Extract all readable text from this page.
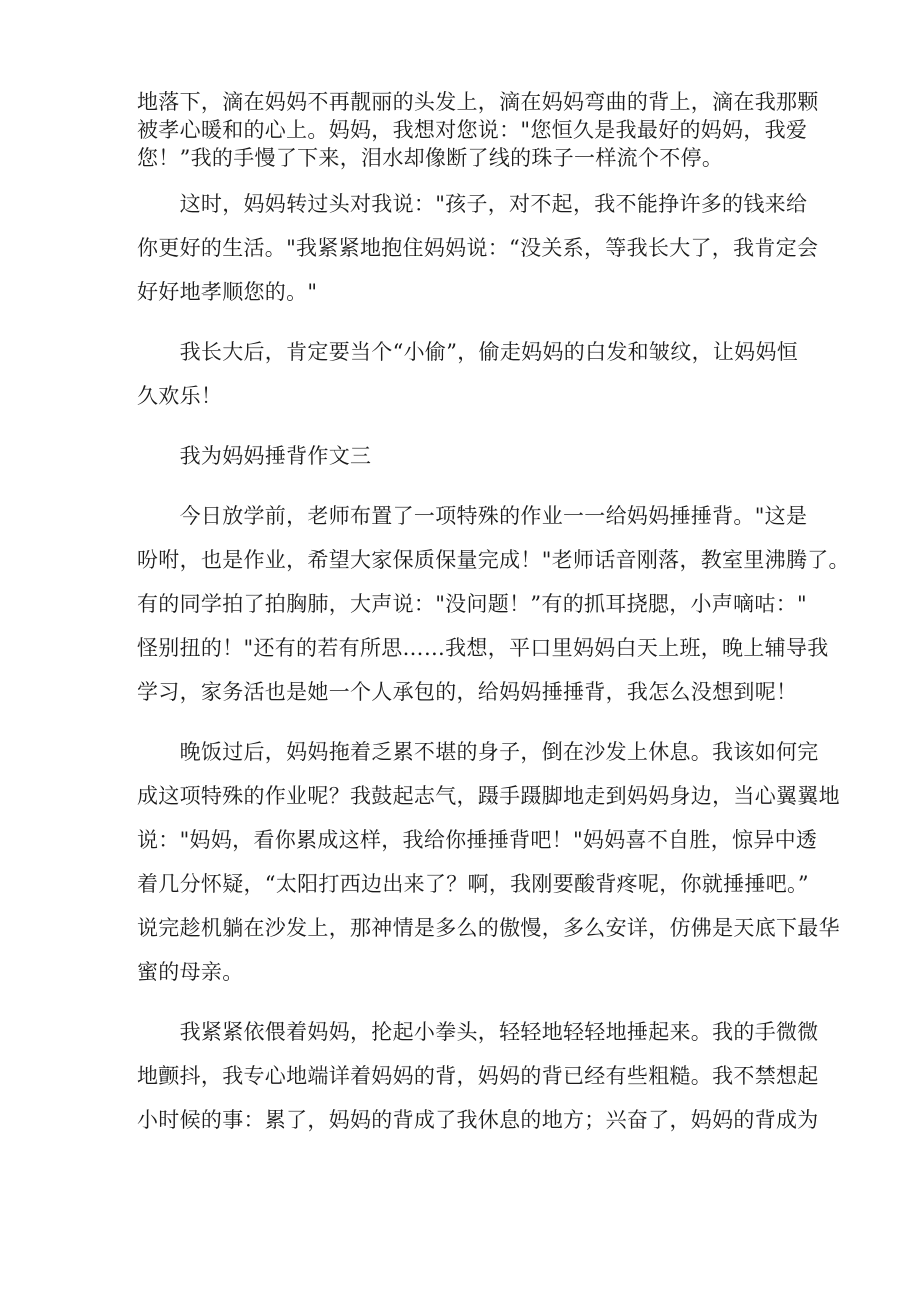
地落下，滴在妈妈不再靓丽的头发上，滴在妈妈弯曲的背上，滴在我那颗
被孝心暖和的心上。妈妈，我想对您说："您恒久是我最好的妈妈，我爱
您！”我的手慢了下来，泪水却像断了线的珠子一样流个不停。
　　这时，妈妈转过头对我说："孩子，对不起，我不能挣许多的钱来给
你更好的生活。"我紧紧地抱住妈妈说：“没关系，等我长大了，我肯定会
好好地孝顺您的。"
　　我长大后，肯定要当个“小偷”，偷走妈妈的白发和皱纹，让妈妈恒
久欢乐！
　　我为妈妈捶背作文三
　　今日放学前，老师布置了一项特殊的作业一一给妈妈捶捶背。"这是
吩咐，也是作业，希望大家保质保量完成！"老师话音刚落，教室里沸腾了。
有的同学拍了拍胸肺，大声说："没问题！”有的抓耳挠腮，小声嘀咕："
怪别扭的！"还有的若有所思……我想，平口里妈妈白天上班，晚上辅导我
学习，家务活也是她一个人承包的，给妈妈捶捶背，我怎么没想到呢！
　　晚饭过后，妈妈拖着乏累不堪的身子，倒在沙发上休息。我该如何完
成这项特殊的作业呢？我鼓起志气，蹑手蹑脚地走到妈妈身边，当心翼翼地
说："妈妈，看你累成这样，我给你捶捶背吧！"妈妈喜不自胜，惊异中透
着几分怀疑，“太阳打西边出来了？啊，我刚要酸背疼呢，你就捶捶吧。”
说完趁机躺在沙发上，那神情是多么的傲慢，多么安详，仿佛是天底下最华
蜜的母亲。
　　我紧紧依偎着妈妈，抡起小拳头，轻轻地轻轻地捶起来。我的手微微
地颤抖，我专心地端详着妈妈的背，妈妈的背已经有些粗糙。我不禁想起
小时候的事：累了，妈妈的背成了我休息的地方；兴奋了，妈妈的背成为
